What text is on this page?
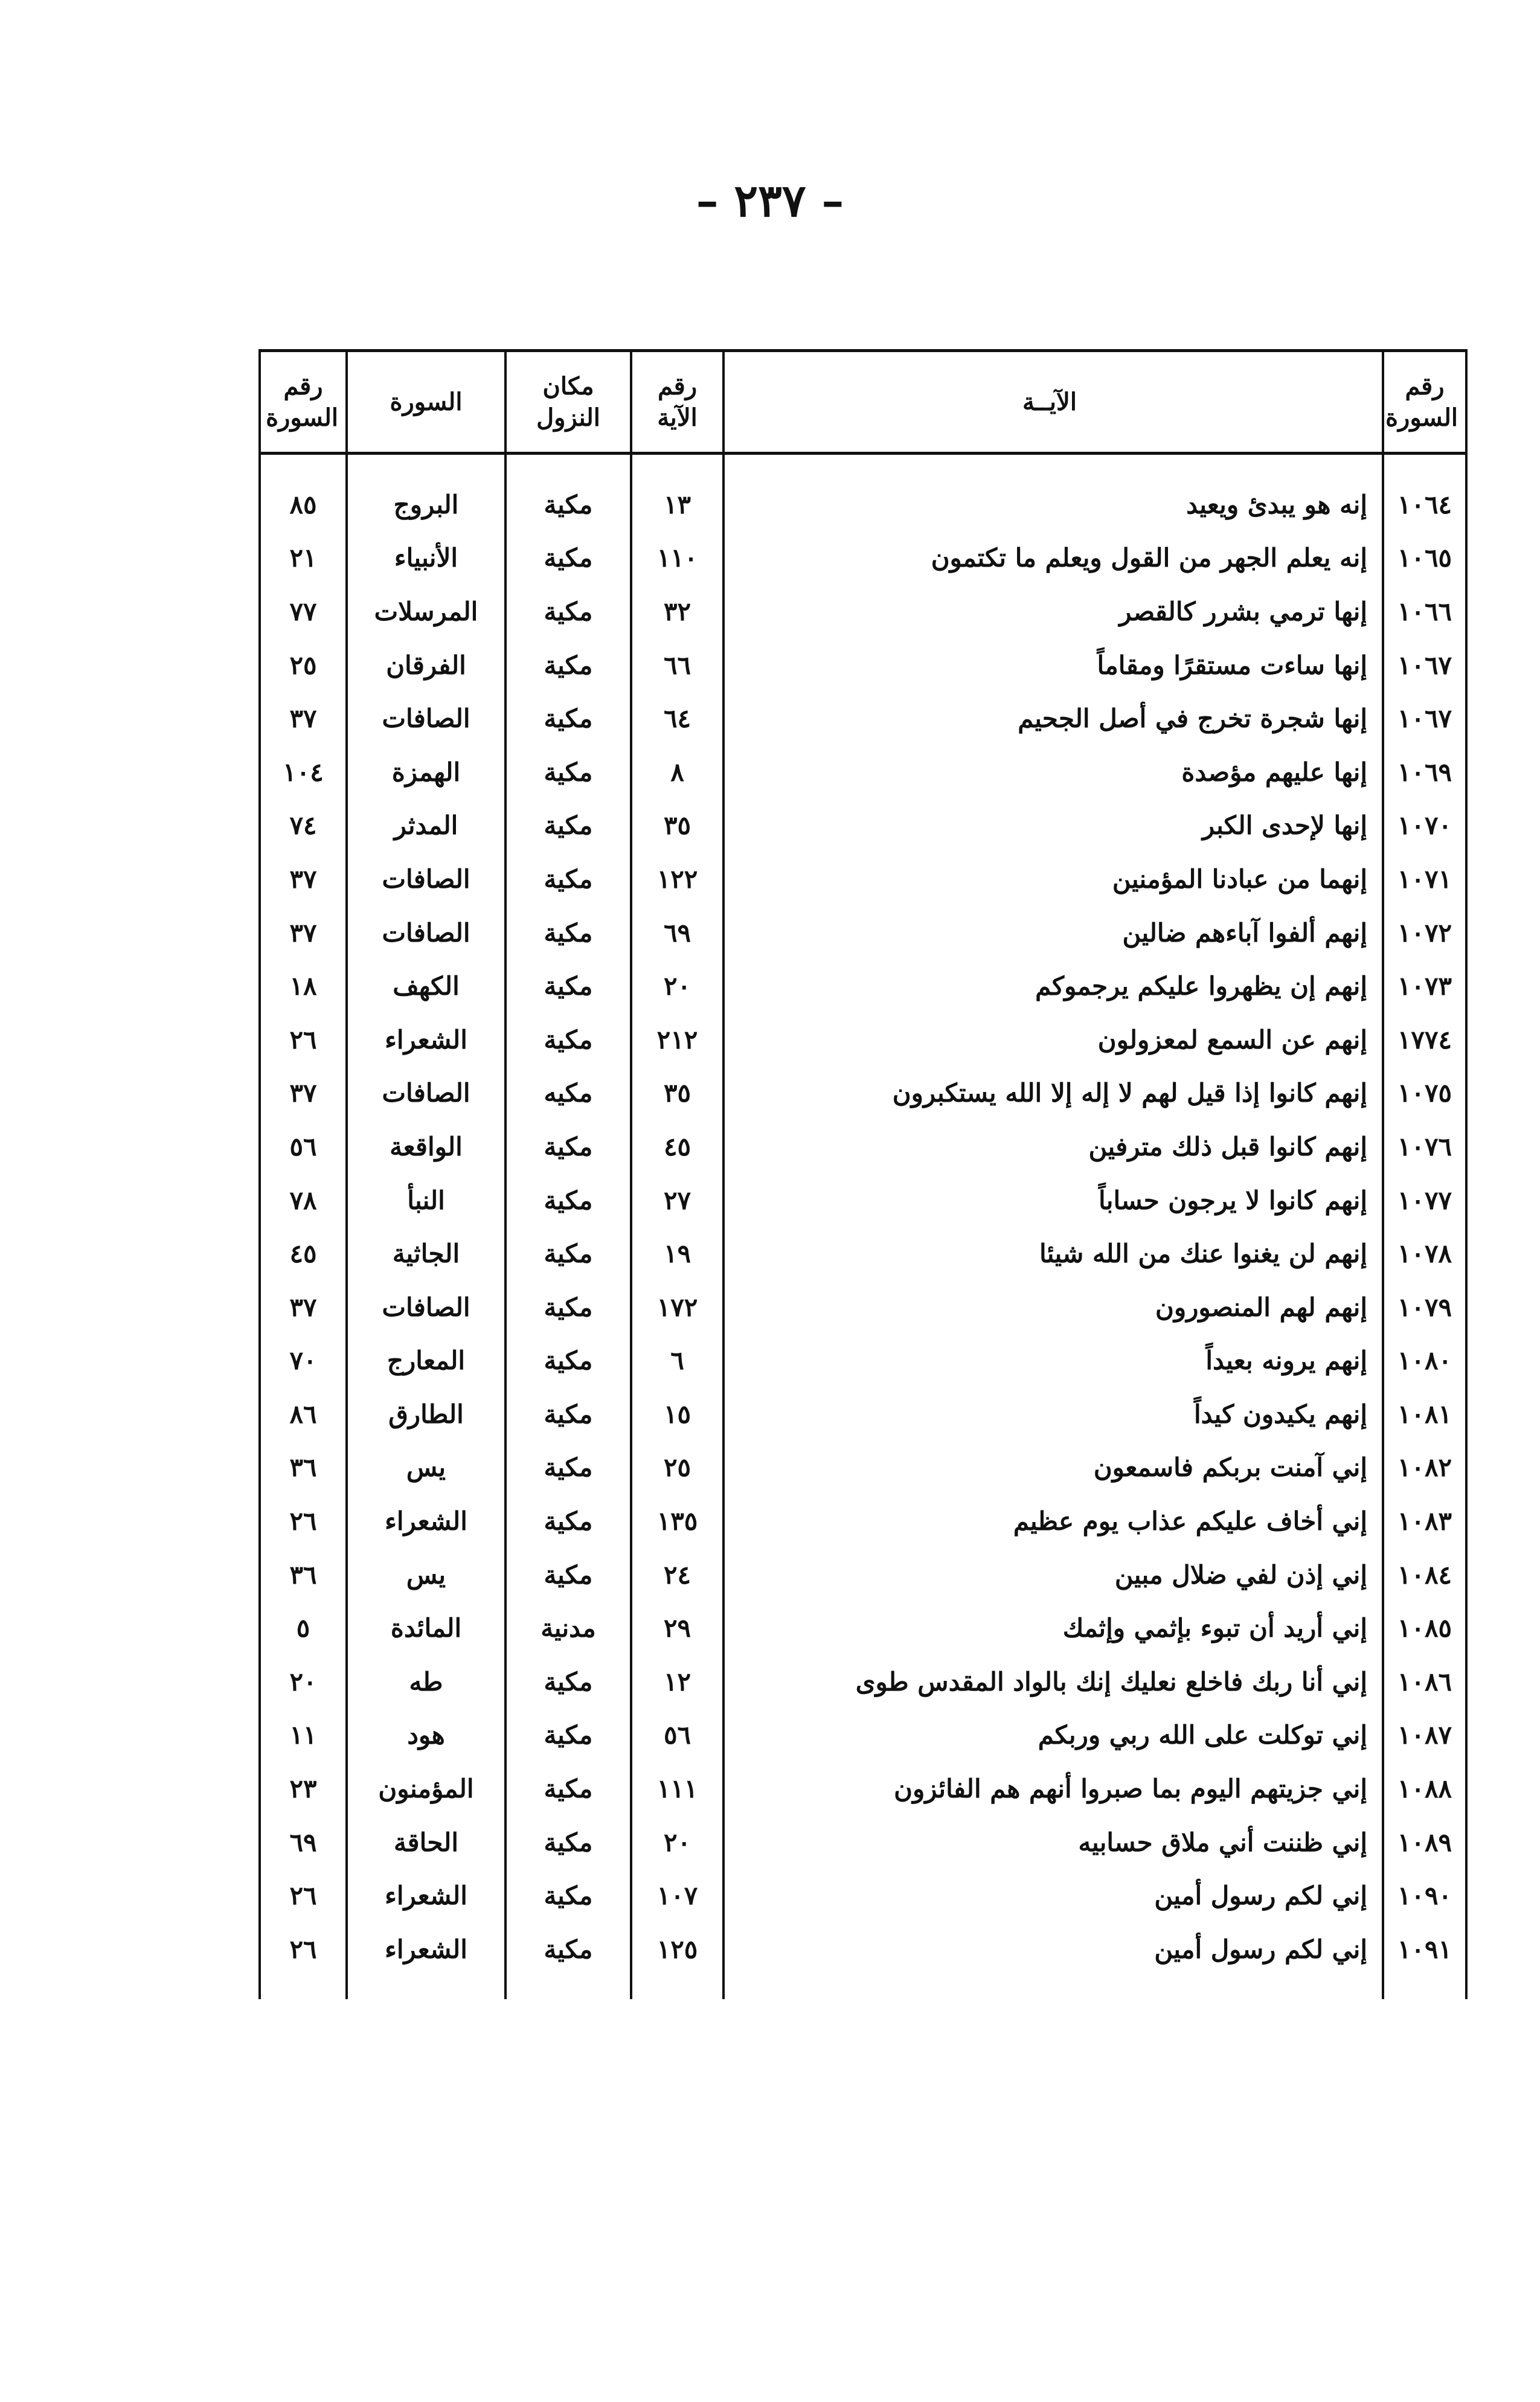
– ٢٣٧ –
رقم السورة	الآيــة	رقم الآية	مكان النزول	السورة	رقم السورة
١٠٦٤	إنه هو يبدئ ويعيد	١٣	مكية	البروج	٨٥
١٠٦٥	إنه يعلم الجهر من القول ويعلم ما تكتمون	١١٠	مكية	الأنبياء	٢١
١٠٦٦	إنها ترمي بشرر كالقصر	٣٢	مكية	المرسلات	٧٧
١٠٦٧	إنها ساءت مستقرًا ومقاماً	٦٦	مكية	الفرقان	٢٥
١٠٦٧	إنها شجرة تخرج في أصل الجحيم	٦٤	مكية	الصافات	٣٧
١٠٦٩	إنها عليهم مؤصدة	٨	مكية	الهمزة	١٠٤
١٠٧٠	إنها لإحدى الكبر	٣٥	مكية	المدثر	٧٤
١٠٧١	إنهما من عبادنا المؤمنين	١٢٢	مكية	الصافات	٣٧
١٠٧٢	إنهم ألفوا آباءهم ضالين	٦٩	مكية	الصافات	٣٧
١٠٧٣	إنهم إن يظهروا عليكم يرجموكم	٢٠	مكية	الكهف	١٨
١٧٧٤	إنهم عن السمع لمعزولون	٢١٢	مكية	الشعراء	٢٦
١٠٧٥	إنهم كانوا إذا قيل لهم لا إله إلا الله يستكبرون	٣٥	مكيه	الصافات	٣٧
١٠٧٦	إنهم كانوا قبل ذلك مترفين	٤٥	مكية	الواقعة	٥٦
١٠٧٧	إنهم كانوا لا يرجون حساباً	٢٧	مكية	النبأ	٧٨
١٠٧٨	إنهم لن يغنوا عنك من الله شيئا	١٩	مكية	الجاثية	٤٥
١٠٧٩	إنهم لهم المنصورون	١٧٢	مكية	الصافات	٣٧
١٠٨٠	إنهم يرونه بعيداً	٦	مكية	المعارج	٧٠
١٠٨١	إنهم يكيدون كيداً	١٥	مكية	الطارق	٨٦
١٠٨٢	إني آمنت بربكم فاسمعون	٢٥	مكية	يس	٣٦
١٠٨٣	إني أخاف عليكم عذاب يوم عظيم	١٣٥	مكية	الشعراء	٢٦
١٠٨٤	إني إذن لفي ضلال مبين	٢٤	مكية	يس	٣٦
١٠٨٥	إني أريد أن تبوء بإثمي وإثمك	٢٩	مدنية	المائدة	٥
١٠٨٦	إني أنا ربك فاخلع نعليك إنك بالواد المقدس طوى	١٢	مكية	طه	٢٠
١٠٨٧	إني توكلت على الله ربي وربكم	٥٦	مكية	هود	١١
١٠٨٨	إني جزيتهم اليوم بما صبروا أنهم هم الفائزون	١١١	مكية	المؤمنون	٢٣
١٠٨٩	إني ظننت أني ملاق حسابيه	٢٠	مكية	الحاقة	٦٩
١٠٩٠	إني لكم رسول أمين	١٠٧	مكية	الشعراء	٢٦
١٠٩١	إني لكم رسول أمين	١٢٥	مكية	الشعراء	٢٦
